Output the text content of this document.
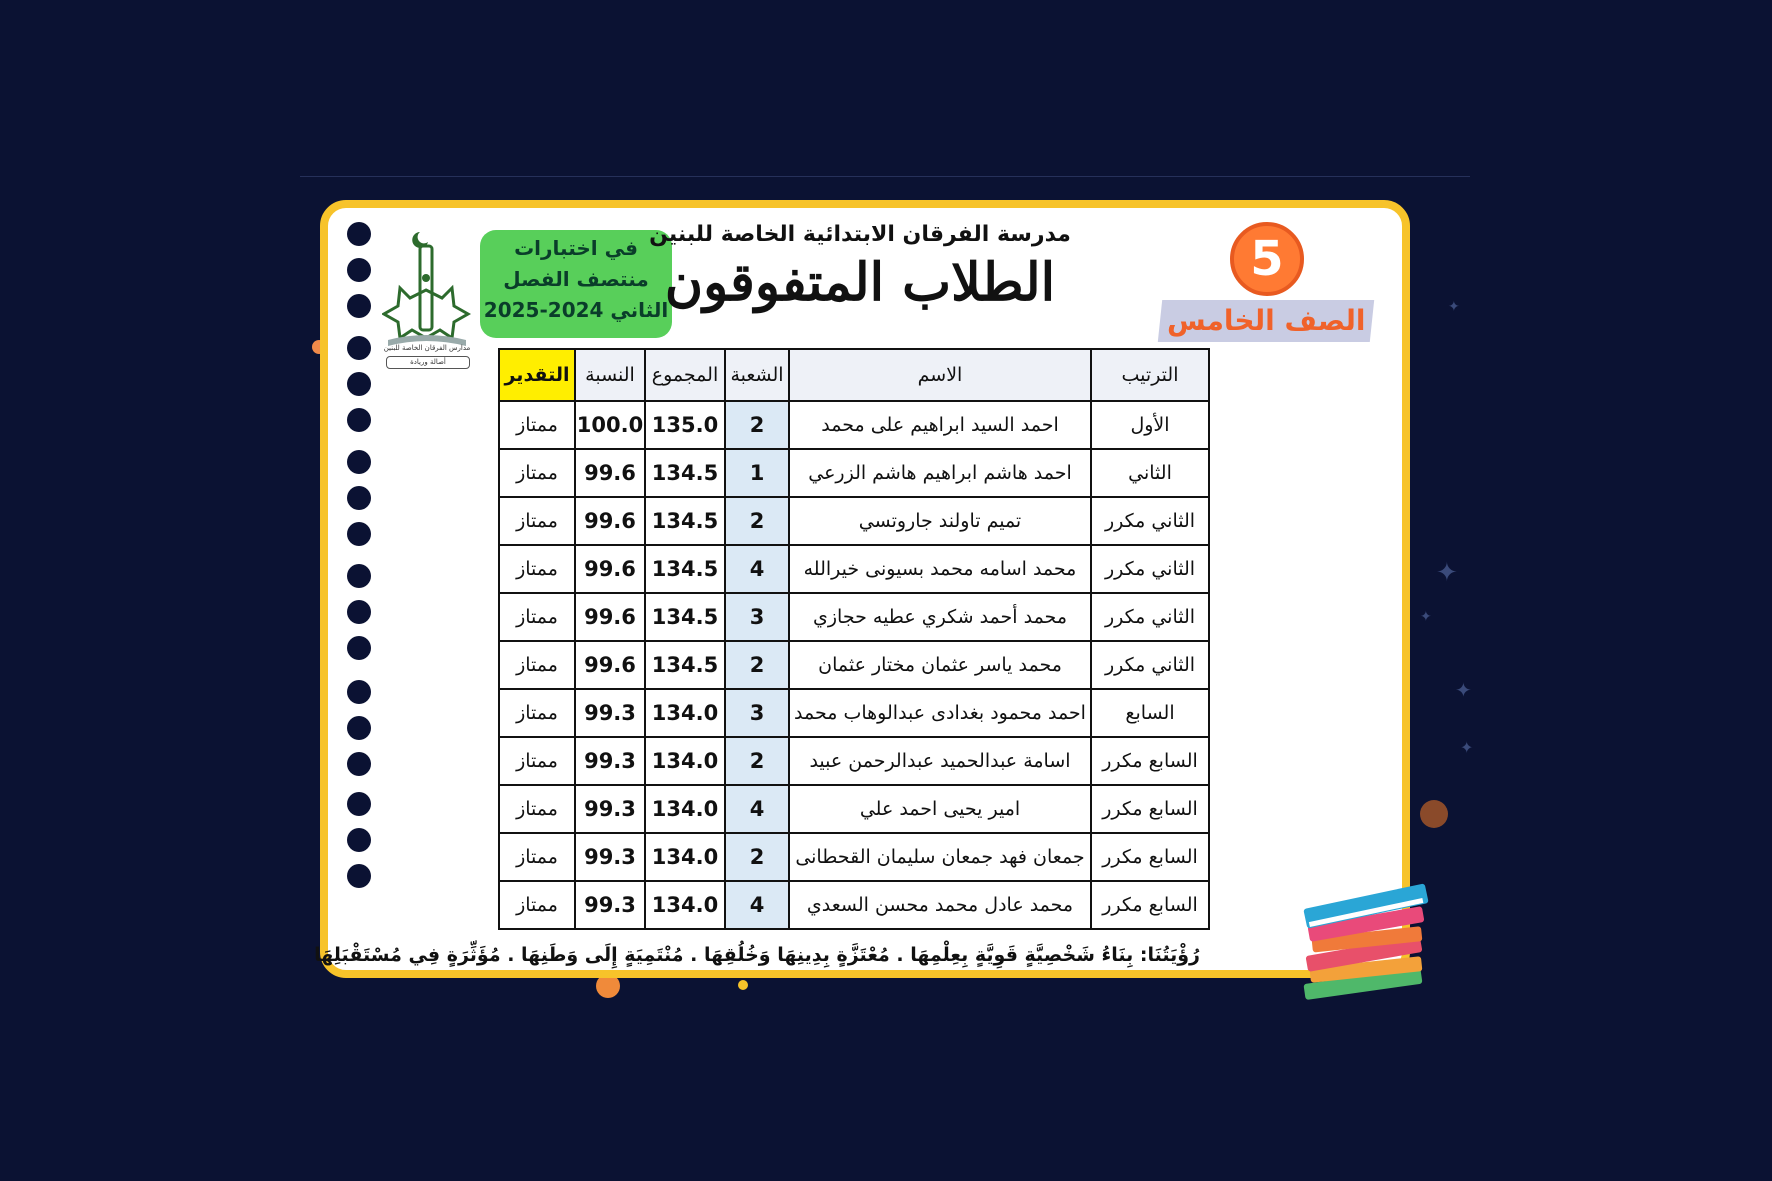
✦
✦
✦
✦
✦
مدارس الفرقان الخاصة للبنين
أصالة وريادة
في اختبارات
منتصف الفصل
الثاني 2024-2025
مدرسة الفرقان الابتدائية الخاصة للبنين
الطلاب المتفوقون	5
الصف الخامس
الترتيب	الاسم	الشعبة	المجموع	النسبة	التقدير
الأول	احمد السيد ابراهيم على محمد	2	135.0	100.0	ممتاز
الثاني	احمد هاشم ابراهيم هاشم الزرعي	1	134.5	99.6	ممتاز
الثاني مكرر	تميم تاولند جاروتسي	2	134.5	99.6	ممتاز
الثاني مكرر	محمد اسامه محمد بسيونى خيرالله	4	134.5	99.6	ممتاز
الثاني مكرر	محمد أحمد شكري عطيه حجازي	3	134.5	99.6	ممتاز
الثاني مكرر	محمد ياسر عثمان مختار عثمان	2	134.5	99.6	ممتاز
السابع	احمد محمود بغدادى عبدالوهاب محمد	3	134.0	99.3	ممتاز
السابع مكرر	اسامة عبدالحميد عبدالرحمن عبيد	2	134.0	99.3	ممتاز
السابع مكرر	امير يحيى احمد علي	4	134.0	99.3	ممتاز
السابع مكرر	جمعان فهد جمعان سليمان القحطانى	2	134.0	99.3	ممتاز
السابع مكرر	محمد عادل محمد محسن السعدي	4	134.0	99.3	ممتاز
رُؤْيَتُنَا: بِنَاءُ شَخْصِيَّةٍ قَوِيَّةٍ بِعِلْمِهَا . مُعْتَزَّةٍ بِدِينِهَا وَخُلُقِهَا . مُنْتَمِيَةٍ إِلَى وَطَنِهَا . مُؤَثِّرَةٍ فِي مُسْتَقْبَلِهَا
